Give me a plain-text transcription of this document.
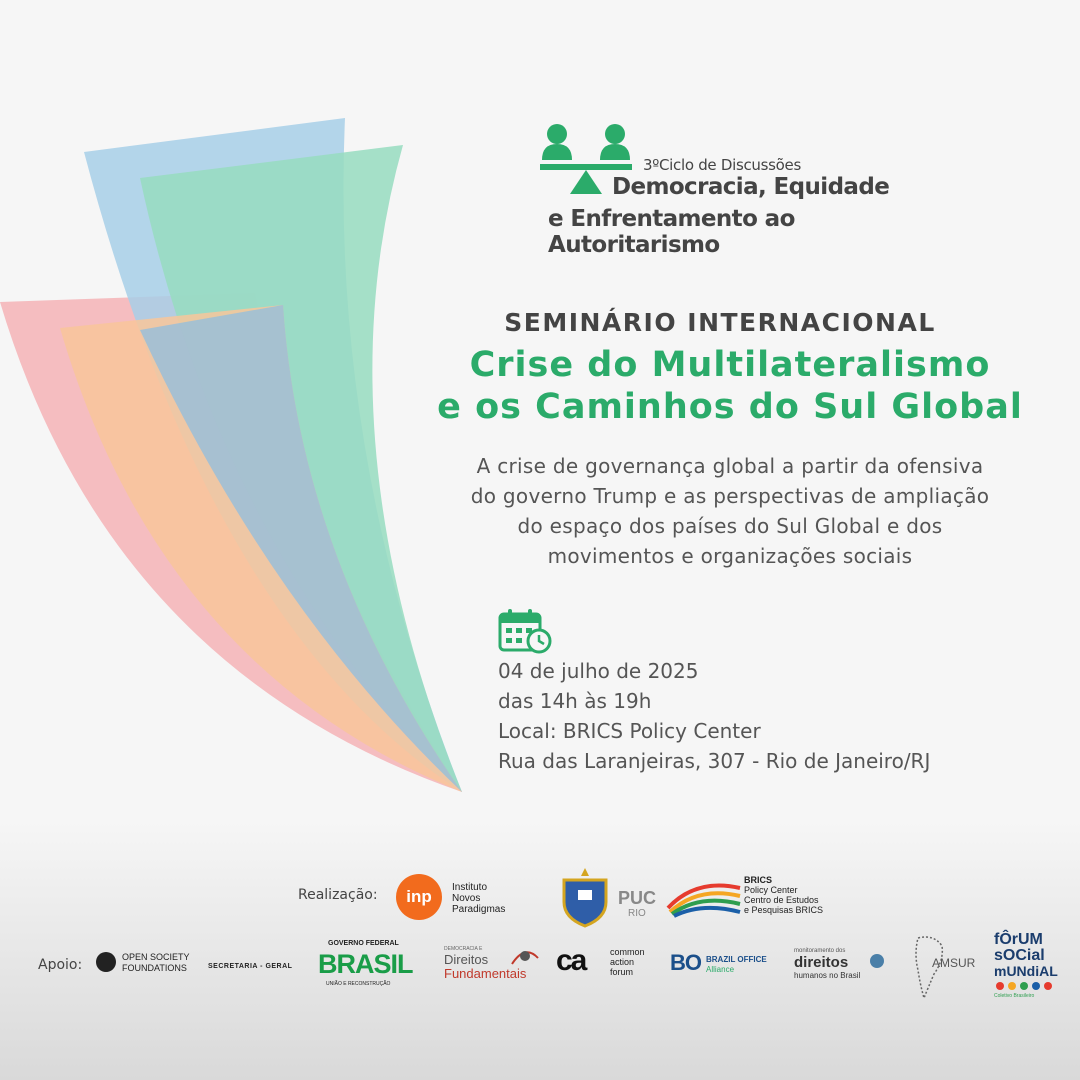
3ºCiclo de Discussões
Democracia, Equidade
e Enfrentamento ao Autoritarismo
SEMINÁRIO INTERNACIONAL
Crise do Multilateralismo
e os Caminhos do Sul Global
A crise de governança global a partir da ofensiva
do governo Trump e as perspectivas de ampliação
do espaço dos países do Sul Global e dos
movimentos e organizações sociais
04 de julho de 2025
das 14h às 19h
Local: BRICS Policy Center
Rua das Laranjeiras, 307 - Rio de Janeiro/RJ
Realização:	inp	Instituto Novos Paradigmas
PUC
RIO
BRICS
Policy Center
Centro de Estudos
e Pesquisas BRICS
Apoio:	OPEN SOCIETY
FOUNDATIONS	SECRETARIA - GERAL
GOVERNO FEDERAL
BRASIL
UNIÃO E RECONSTRUÇÃO
DEMOCRACIA E
Direitos
Fundamentais ca	common
action
forum BO BRAZIL OFFICE
Alliance
monitoramento dos
direitos
humanos no Brasil
AMSUR
fÔrUM
sOCial
mUNdiAL
Coletivo Brasileiro
